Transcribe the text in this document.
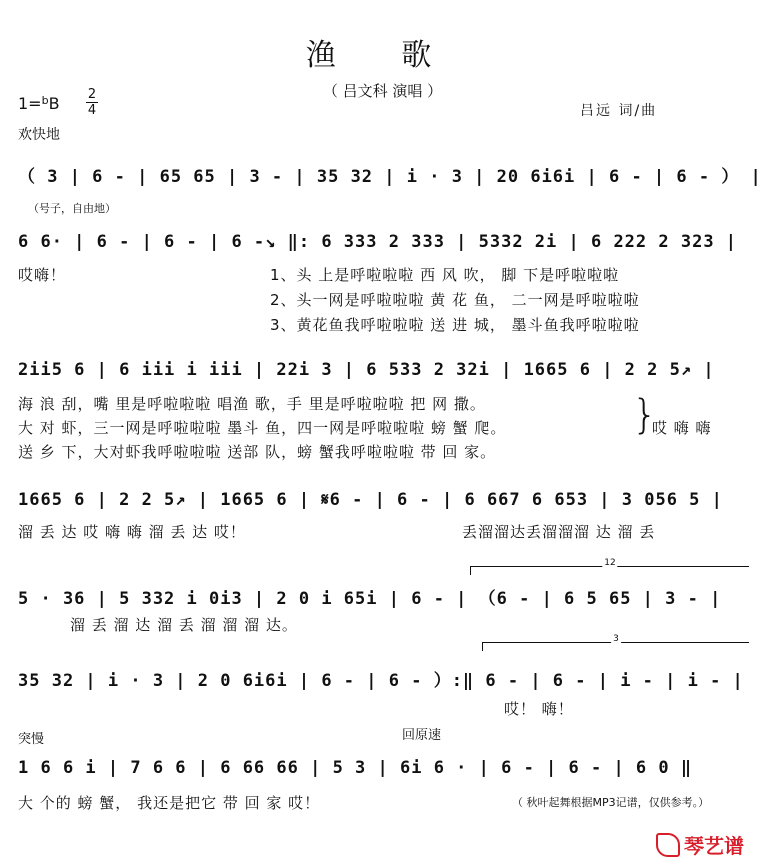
渔 歌
（ 吕文科 演唱 ）
1=$^b$B 2
4	吕远 词/曲
欢快地
（ 3 | 6 - | 65 65 | 3 - | 35 32 | i · 3 | 20 6i6i | 6 - | 6 - ） |
（号子，自由地）
6 6· | 6 - | 6 - | 6 -↘ ‖: 6 333 2 333 | 5332 2i | 6 222 2 323 |
哎嗨！	1、头 上是呼啦啦啦 西 风 吹， 脚 下是呼啦啦啦
2、头一网是呼啦啦啦 黄 花 鱼， 二一网是呼啦啦啦
3、黄花鱼我呼啦啦啦 送 进 城， 墨斗鱼我呼啦啦啦
2ii5 6 | 6 iii i iii | 22i 3 | 6 533 2 32i | 1665 6 | 2 2 5↗ |
海 浪 刮，嘴 里是呼啦啦啦 唱渔 歌，手 里是呼啦啦啦 把 网 撒。
大 对 虾，三一网是呼啦啦啦 墨斗 鱼，四一网是呼啦啦啦 螃 蟹 爬。
送 乡 下，大对虾我呼啦啦啦 送部 队，螃 蟹我呼啦啦啦 带 回 家。
}
哎 嗨 嗨
1665 6 | 2 2 5↗ | 1665 6 | 𝄋6 - | 6 - | 6 667 6 653 | 3 056 5 |
溜 丢 达 哎 嗨 嗨 溜 丢 达 哎！	丢溜溜达丢溜溜溜 达 溜 丢
12
5 · 36 | 5 332 i 0i3 | 2 0 i 65i | 6 - | （6 - | 6 5 65 | 3 - |
溜 丢 溜 达 溜 丢 溜 溜 溜 达。
3
35 32 | i · 3 | 2 0 6i6i | 6 - | 6 - ）:‖ 6 - | 6 - | i - | i - |
哎！ 嗨！
突慢	回原速
1 6 6 i | 7 6 6 | 6 66 66 | 5 3 | 6i 6 · | 6 - | 6 - | 6 0 ‖
大 个的 螃 蟹， 我还是把它 带 回 家 哎！	（ 秋叶起舞根据MP3记谱，仅供参考。）
琴艺谱
